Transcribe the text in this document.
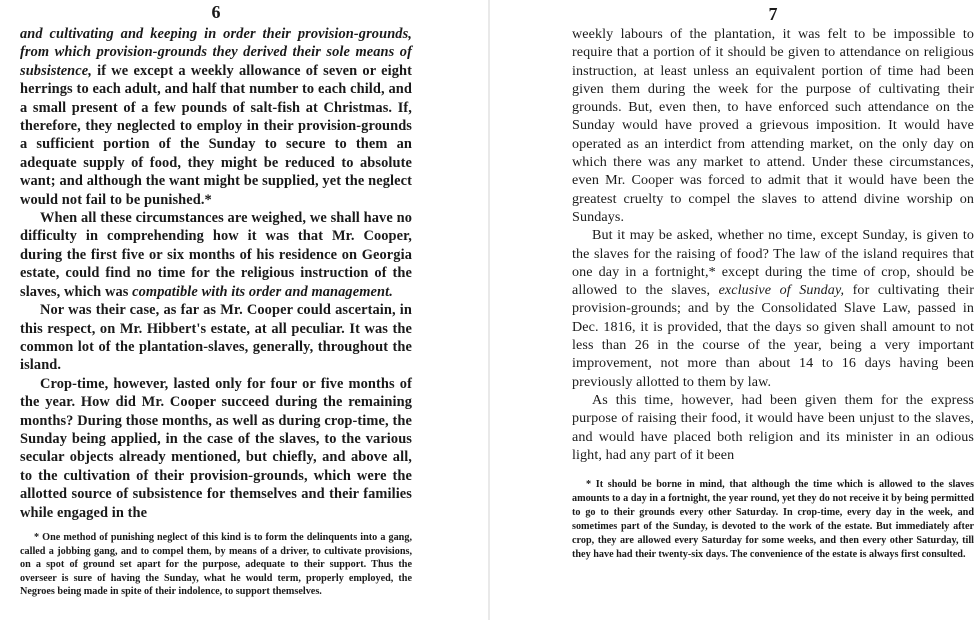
6

and cultivating and keeping in order their provision-grounds, from which provision-grounds they derived their sole means of subsistence, if we except a weekly allowance of seven or eight herrings to each adult, and half that number to each child, and a small present of a few pounds of salt-fish at Christmas. If, therefore, they neglected to employ in their provision-grounds a sufficient portion of the Sunday to secure to them an adequate supply of food, they might be reduced to absolute want; and although the want might be supplied, yet the neglect would not fail to be punished.*

When all these circumstances are weighed, we shall have no difficulty in comprehending how it was that Mr. Cooper, during the first five or six months of his residence on Georgia estate, could find no time for the religious instruction of the slaves, which was compatible with its order and management.

Nor was their case, as far as Mr. Cooper could ascertain, in this respect, on Mr. Hibbert's estate, at all peculiar. It was the common lot of the plantation-slaves, generally, throughout the island.

Crop-time, however, lasted only for four or five months of the year. How did Mr. Cooper succeed during the remaining months? During those months, as well as during crop-time, the Sunday being applied, in the case of the slaves, to the various secular objects already mentioned, but chiefly, and above all, to the cultivation of their provision-grounds, which were the allotted source of subsistence for themselves and their families while engaged in the

* One method of punishing neglect of this kind is to form the delinquents into a gang, called a jobbing gang, and to compel them, by means of a driver, to cultivate provisions, on a spot of ground set apart for the purpose, adequate to their support. Thus the overseer is sure of having the Sunday, what he would term, properly employed, the Negroes being made in spite of their indolence, to support themselves.

7

weekly labours of the plantation, it was felt to be impossible to require that a portion of it should be given to attendance on religious instruction, at least unless an equivalent portion of time had been given them during the week for the purpose of cultivating their grounds. But, even then, to have enforced such attendance on the Sunday would have proved a grievous imposition. It would have operated as an interdict from attending market, on the only day on which there was any market to attend. Under these circumstances, even Mr. Cooper was forced to admit that it would have been the greatest cruelty to compel the slaves to attend divine worship on Sundays.

But it may be asked, whether no time, except Sunday, is given to the slaves for the raising of food? The law of the island requires that one day in a fortnight,* except during the time of crop, should be allowed to the slaves, exclusive of Sunday, for cultivating their provision-grounds; and by the Consolidated Slave Law, passed in Dec. 1816, it is provided, that the days so given shall amount to not less than 26 in the course of the year, being a very important improvement, not more than about 14 to 16 days having been previously allotted to them by law.

As this time, however, had been given them for the express purpose of raising their food, it would have been unjust to the slaves, and would have placed both religion and its minister in an odious light, had any part of it been

* It should be borne in mind, that although the time which is allowed to the slaves amounts to a day in a fortnight, the year round, yet they do not receive it by being permitted to go to their grounds every other Saturday. In crop-time, every day in the week, and sometimes part of the Sunday, is devoted to the work of the estate. But immediately after crop, they are allowed every Saturday for some weeks, and then every other Saturday, till they have had their twenty-six days. The convenience of the estate is always first consulted.
